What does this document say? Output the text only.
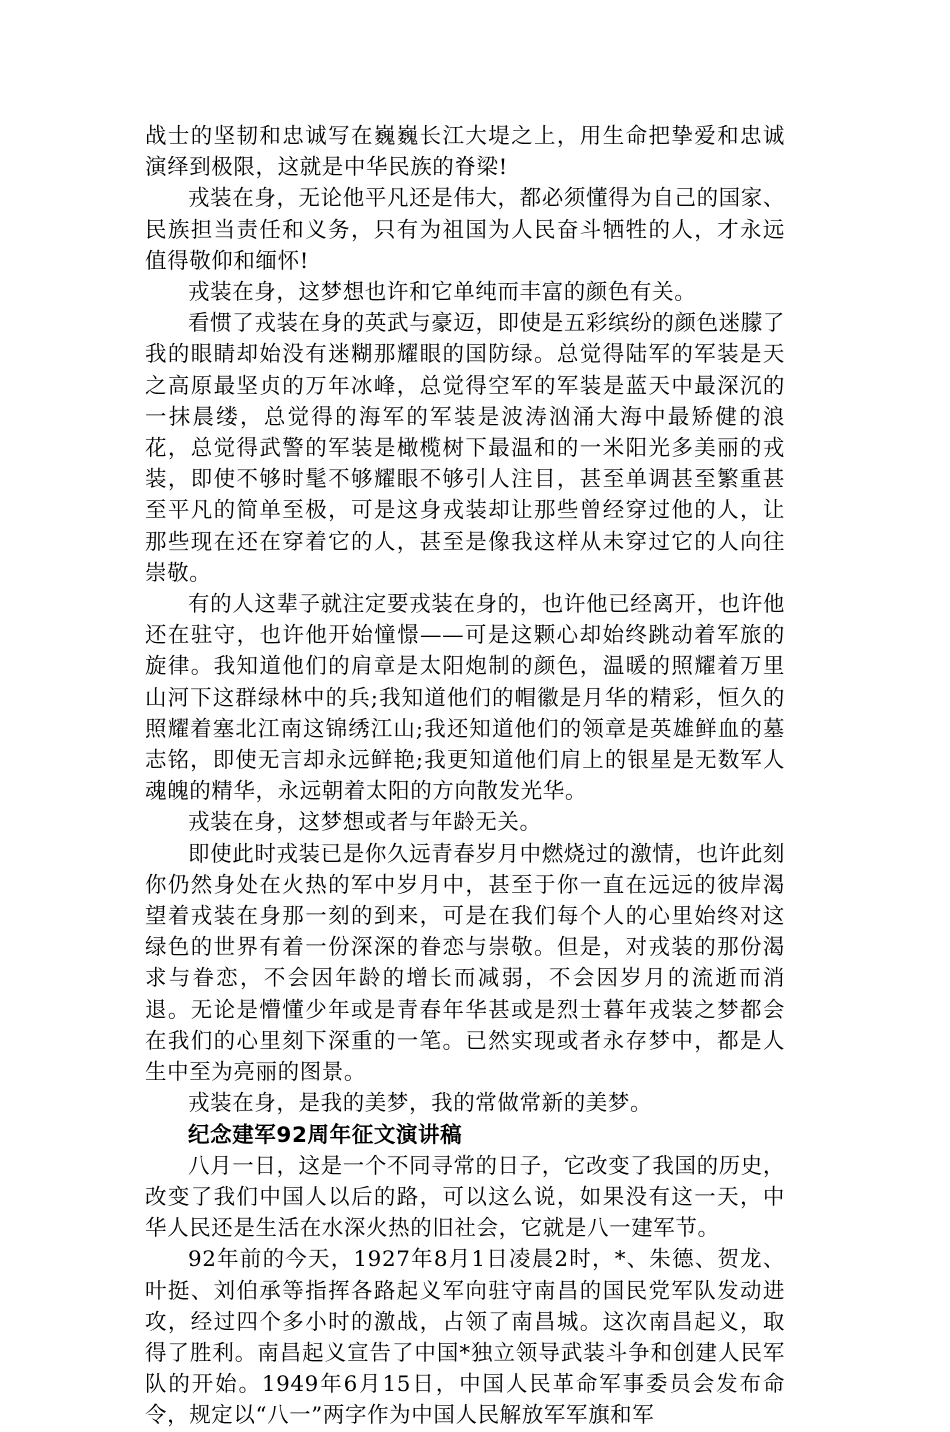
战士的坚韧和忠诚写在巍巍长江大堤之上，用生命把挚爱和忠诚演绎到极限，这就是中华民族的脊梁!

戎装在身，无论他平凡还是伟大，都必须懂得为自己的国家、民族担当责任和义务，只有为祖国为人民奋斗牺牲的人，才永远值得敬仰和缅怀!

戎装在身，这梦想也许和它单纯而丰富的颜色有关。

看惯了戎装在身的英武与豪迈，即使是五彩缤纷的颜色迷朦了我的眼睛却始没有迷糊那耀眼的国防绿。总觉得陆军的军装是天之高原最坚贞的万年冰峰，总觉得空军的军装是蓝天中最深沉的一抹晨缕，总觉得的海军的军装是波涛汹涌大海中最矫健的浪花，总觉得武警的军装是橄榄树下最温和的一米阳光多美丽的戎装，即使不够时髦不够耀眼不够引人注目，甚至单调甚至繁重甚至平凡的简单至极，可是这身戎装却让那些曾经穿过他的人，让那些现在还在穿着它的人，甚至是像我这样从未穿过它的人向往崇敬。

有的人这辈子就注定要戎装在身的，也许他已经离开，也许他还在驻守，也许他开始憧憬——可是这颗心却始终跳动着军旅的旋律。我知道他们的肩章是太阳炮制的颜色，温暖的照耀着万里山河下这群绿林中的兵;我知道他们的帽徽是月华的精彩，恒久的照耀着塞北江南这锦绣江山;我还知道他们的领章是英雄鲜血的墓志铭，即使无言却永远鲜艳;我更知道他们肩上的银星是无数军人魂魄的精华，永远朝着太阳的方向散发光华。

戎装在身，这梦想或者与年龄无关。

即使此时戎装已是你久远青春岁月中燃烧过的激情，也许此刻你仍然身处在火热的军中岁月中，甚至于你一直在远远的彼岸渴望着戎装在身那一刻的到来，可是在我们每个人的心里始终对这绿色的世界有着一份深深的眷恋与崇敬。但是，对戎装的那份渴求与眷恋，不会因年龄的增长而减弱，不会因岁月的流逝而消退。无论是懵懂少年或是青春年华甚或是烈士暮年戎装之梦都会在我们的心里刻下深重的一笔。已然实现或者永存梦中，都是人生中至为亮丽的图景。

戎装在身，是我的美梦，我的常做常新的美梦。

纪念建军92周年征文演讲稿

八月一日，这是一个不同寻常的日子，它改变了我国的历史，改变了我们中国人以后的路，可以这么说，如果没有这一天，中华人民还是生活在水深火热的旧社会，它就是八一建军节。

92年前的今天，1927年8月1日凌晨2时，*、朱德、贺龙、叶挺、刘伯承等指挥各路起义军向驻守南昌的国民党军队发动进攻，经过四个多小时的激战，占领了南昌城。这次南昌起义，取得了胜利。南昌起义宣告了中国*独立领导武装斗争和创建人民军队的开始。1949年6月15日，中国人民革命军事委员会发布命令，规定以“八一”两字作为中国人民解放军军旗和军
